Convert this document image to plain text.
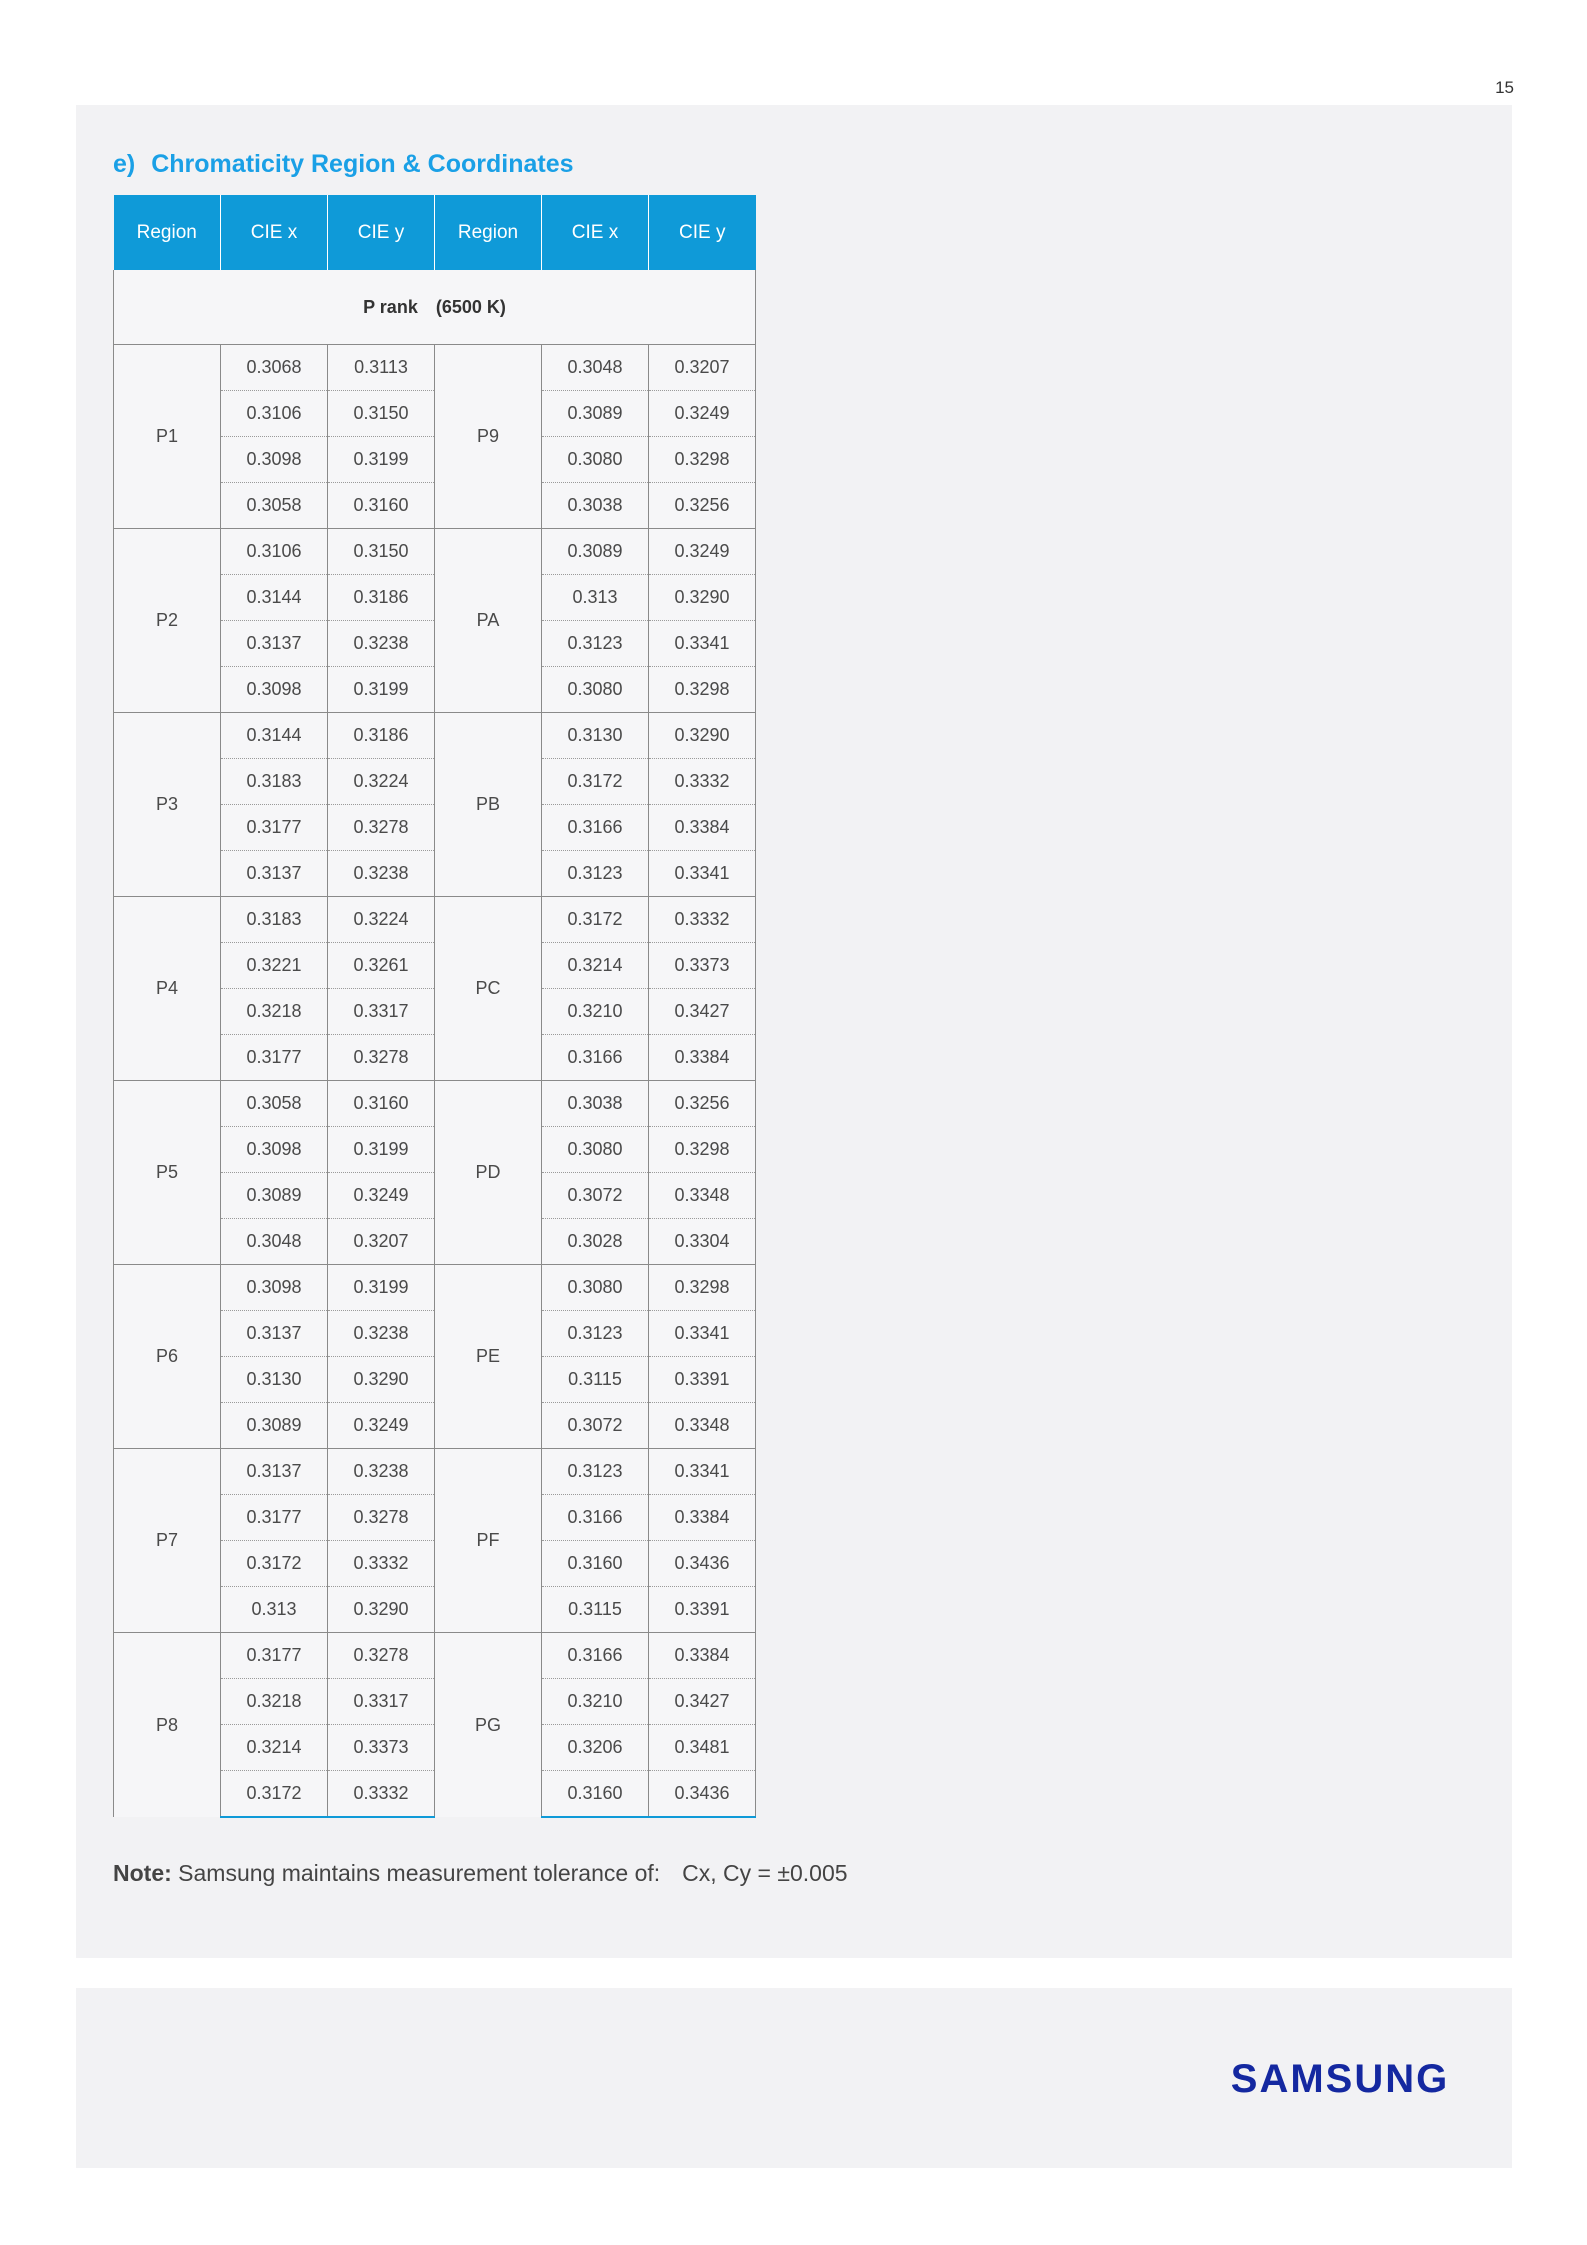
15
e) Chromaticity Region & Coordinates
Region	CIE x	CIE y	Region	CIE x	CIE y
P rank (6500 K)					
P1	0.3068	0.3113	P9	0.3048	0.3207
	0.3106	0.3150		0.3089	0.3249
	0.3098	0.3199		0.3080	0.3298
	0.3058	0.3160		0.3038	0.3256
P2	0.3106	0.3150	PA	0.3089	0.3249
	0.3144	0.3186		0.313	0.3290
	0.3137	0.3238		0.3123	0.3341
	0.3098	0.3199		0.3080	0.3298
P3	0.3144	0.3186	PB	0.3130	0.3290
	0.3183	0.3224		0.3172	0.3332
	0.3177	0.3278		0.3166	0.3384
	0.3137	0.3238		0.3123	0.3341
P4	0.3183	0.3224	PC	0.3172	0.3332
	0.3221	0.3261		0.3214	0.3373
	0.3218	0.3317		0.3210	0.3427
	0.3177	0.3278		0.3166	0.3384
P5	0.3058	0.3160	PD	0.3038	0.3256
	0.3098	0.3199		0.3080	0.3298
	0.3089	0.3249		0.3072	0.3348
	0.3048	0.3207		0.3028	0.3304
P6	0.3098	0.3199	PE	0.3080	0.3298
	0.3137	0.3238		0.3123	0.3341
	0.3130	0.3290		0.3115	0.3391
	0.3089	0.3249		0.3072	0.3348
P7	0.3137	0.3238	PF	0.3123	0.3341
	0.3177	0.3278		0.3166	0.3384
	0.3172	0.3332		0.3160	0.3436
	0.313	0.3290		0.3115	0.3391
P8	0.3177	0.3278	PG	0.3166	0.3384
	0.3218	0.3317		0.3210	0.3427
	0.3214	0.3373		0.3206	0.3481
	0.3172	0.3332		0.3160	0.3436

Note: Samsung maintains measurement tolerance of: Cx, Cy = ±0.005

SAMSUNG
